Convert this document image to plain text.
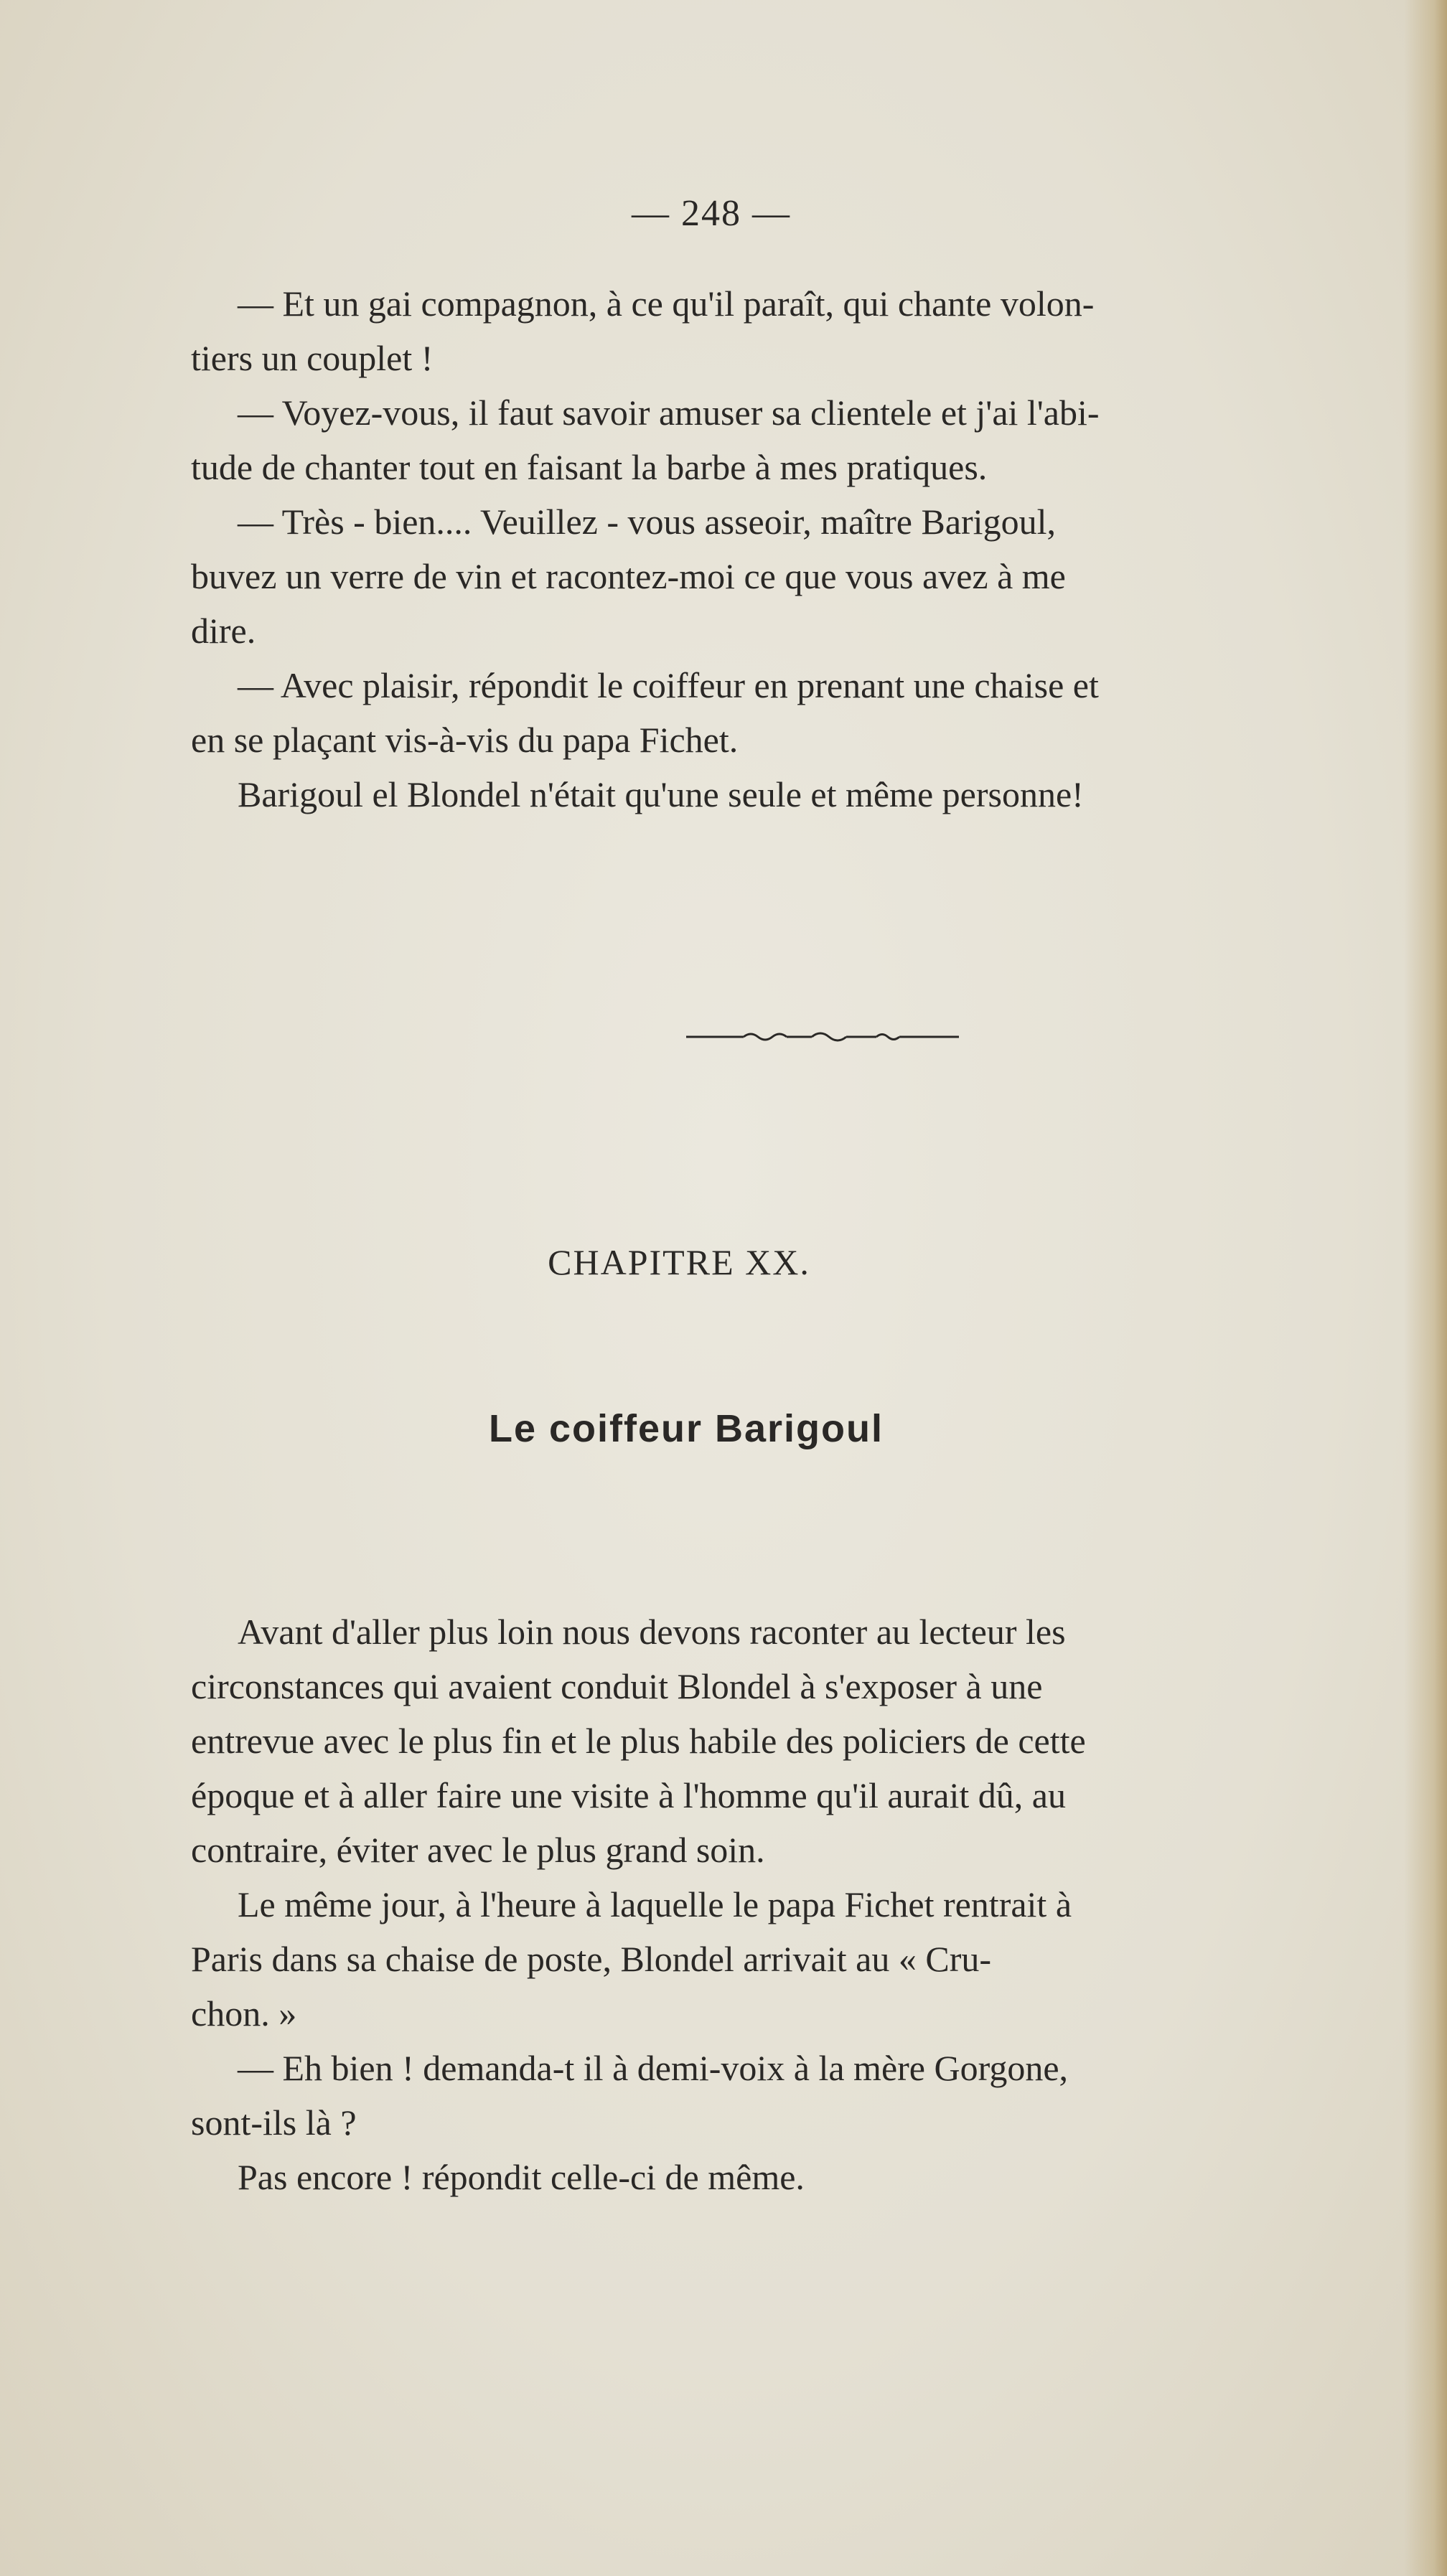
— 248 —
— Et un gai compagnon, à ce qu'il paraît, qui chante volon-
tiers un couplet !
— Voyez-vous, il faut savoir amuser sa clientele et j'ai l'abi-
tude de chanter tout en faisant la barbe à mes pratiques.
— Très - bien.... Veuillez - vous asseoir, maître Barigoul,
buvez un verre de vin et racontez-moi ce que vous avez à me
dire.
— Avec plaisir, répondit le coiffeur en prenant une chaise et
en se plaçant vis-à-vis du papa Fichet.
Barigoul el Blondel n'était qu'une seule et même personne!
CHAPITRE XX.
Le coiffeur Barigoul
Avant d'aller plus loin nous devons raconter au lecteur les
circonstances qui avaient conduit Blondel à s'exposer à une
entrevue avec le plus fin et le plus habile des policiers de cette
époque et à aller faire une visite à l'homme qu'il aurait dû, au
contraire, éviter avec le plus grand soin.
Le même jour, à l'heure à laquelle le papa Fichet rentrait à
Paris dans sa chaise de poste, Blondel arrivait au « Cru-
chon. »
— Eh bien ! demanda-t il à demi-voix à la mère Gorgone,
sont-ils là ?
Pas encore ! répondit celle-ci de même.
